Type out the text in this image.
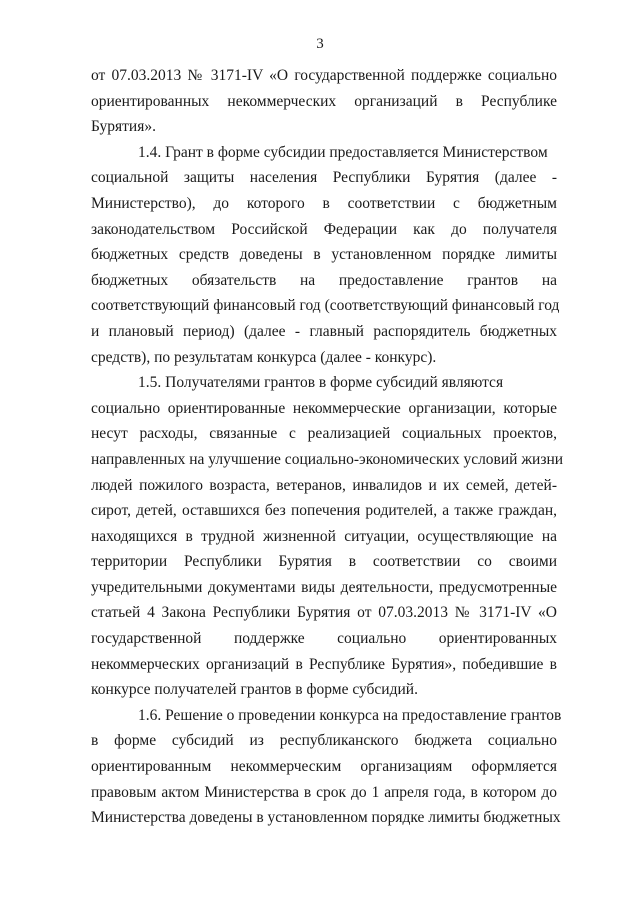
3
от 07.03.2013 № 3171-IV «О государственной поддержке социально
ориентированных некоммерческих организаций в Республике
Бурятия».
1.4. Грант в форме субсидии предоставляется Министерством
социальной защиты населения Республики Бурятия (далее -
Министерство), до которого в соответствии с бюджетным
законодательством Российской Федерации как до получателя
бюджетных средств доведены в установленном порядке лимиты
бюджетных обязательств на предоставление грантов на
соответствующий финансовый год (соответствующий финансовый год
и плановый период) (далее - главный распорядитель бюджетных
средств), по результатам конкурса (далее - конкурс).
1.5. Получателями грантов в форме субсидий являются
социально ориентированные некоммерческие организации, которые
несут расходы, связанные с реализацией социальных проектов,
направленных на улучшение социально-экономических условий жизни
людей пожилого возраста, ветеранов, инвалидов и их семей, детей-
сирот, детей, оставшихся без попечения родителей, а также граждан,
находящихся в трудной жизненной ситуации, осуществляющие на
территории Республики Бурятия в соответствии со своими
учредительными документами виды деятельности, предусмотренные
статьей 4 Закона Республики Бурятия от 07.03.2013 № 3171-IV «О
государственной поддержке социально ориентированных
некоммерческих организаций в Республике Бурятия», победившие в
конкурсе получателей грантов в форме субсидий.
1.6. Решение о проведении конкурса на предоставление грантов
в форме субсидий из республиканского бюджета социально
ориентированным некоммерческим организациям оформляется
правовым актом Министерства в срок до 1 апреля года, в котором до
Министерства доведены в установленном порядке лимиты бюджетных
